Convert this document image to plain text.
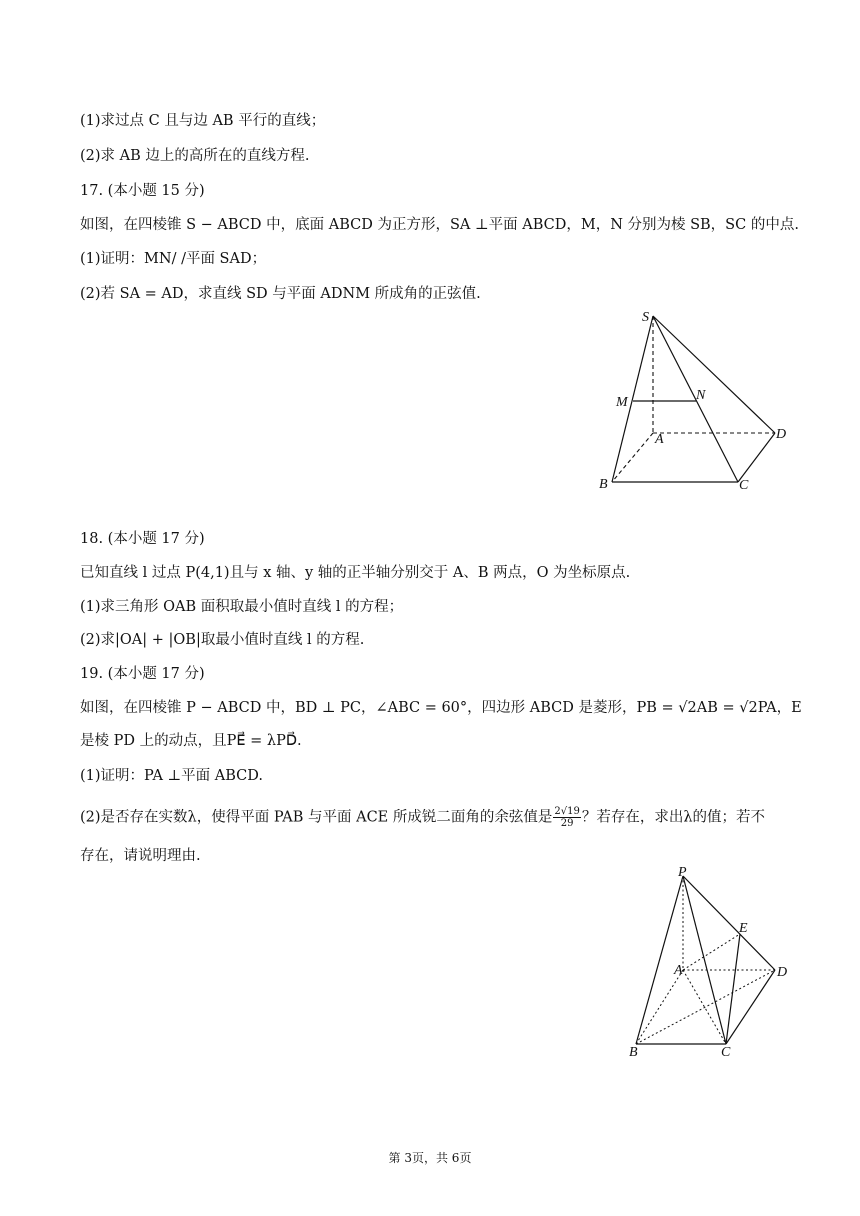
(1)求过点 C 且与边 AB 平行的直线；
(2)求 AB 边上的高所在的直线方程.
17. (本小题 15 分)
如图，在四棱锥 S − ABCD 中，底面 ABCD 为正方形，SA ⊥平面 ABCD，M，N 分别为棱 SB，SC 的中点.
(1)证明：MN/ /平面 SAD；
(2)若 SA = AD，求直线 SD 与平面 ADNM 所成角的正弦值.
S
M	N
A	D
B	C
18. (本小题 17 分)
已知直线 l 过点 P(4,1)且与 x 轴、y 轴的正半轴分别交于 A、B 两点，O 为坐标原点.
(1)求三角形 OAB 面积取最小值时直线 l 的方程；
(2)求|OA| + |OB|取最小值时直线 l 的方程.
19. (本小题 17 分)
如图，在四棱锥 P − ABCD 中，BD ⊥ PC，∠ABC = 60°，四边形 ABCD 是菱形，PB = √2AB = √2PA，E
是棱 PD 上的动点，且PE⃗ = λPD⃗.
(1)证明：PA ⊥平面 ABCD.
(2)是否存在实数λ，使得平面 PAB 与平面 ACE 所成锐二面角的余弦值是 $\frac{2√19}{29}$ ？若存在，求出λ的值；若不
存在，请说明理由.
P
E
A	D
B	C
第 3页，共 6页
